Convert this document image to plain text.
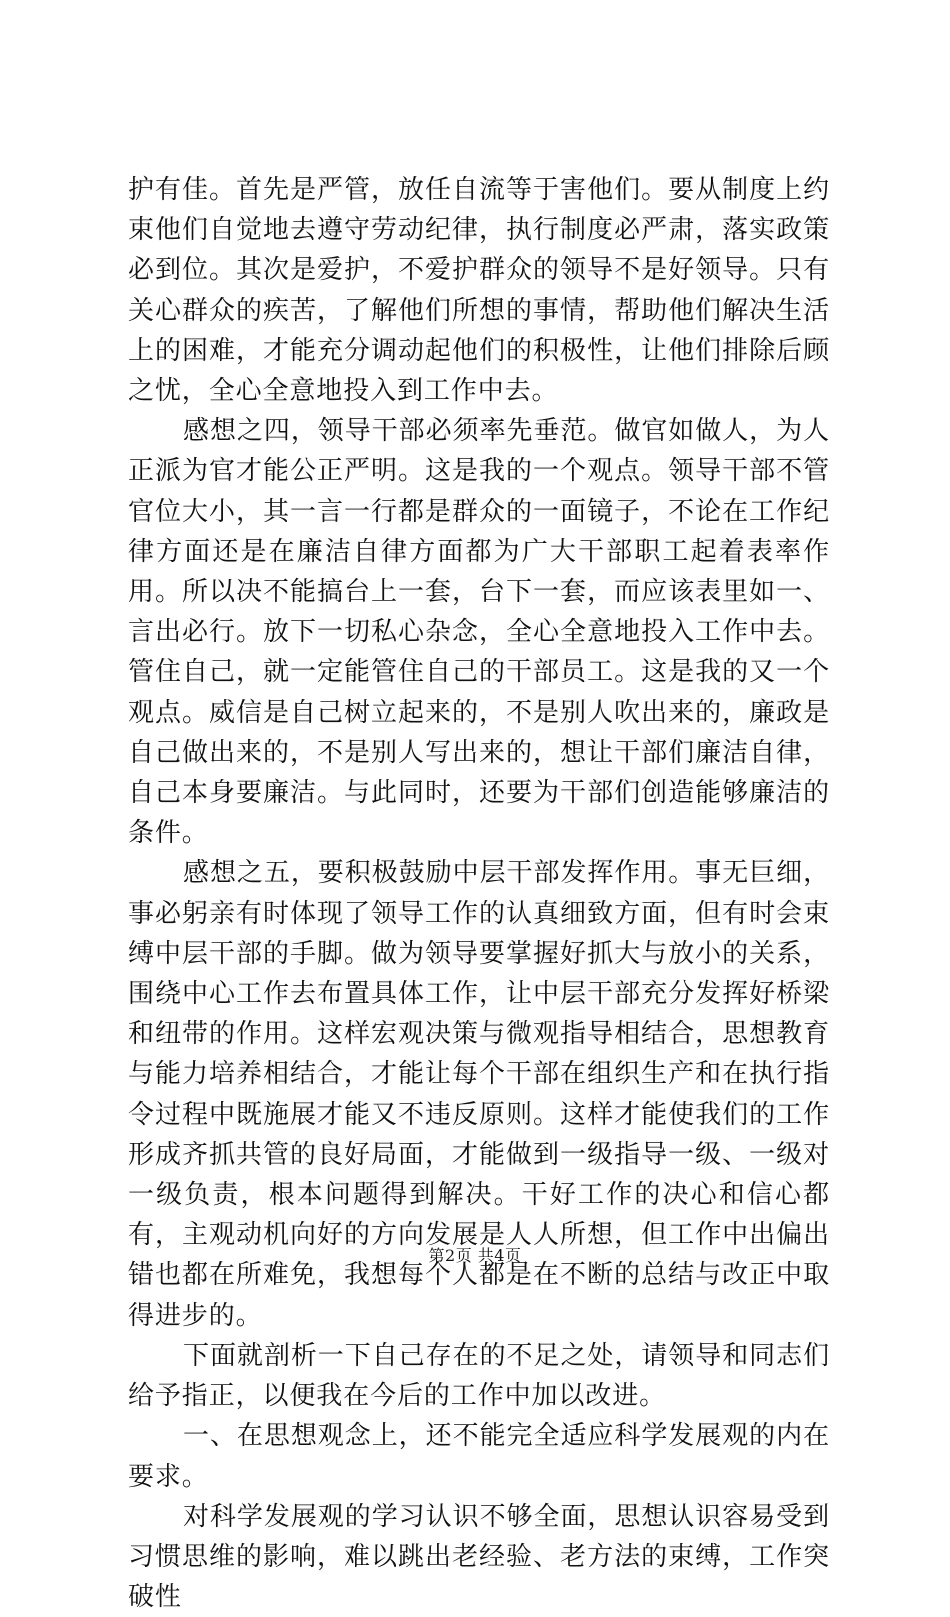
护有佳。首先是严管，放任自流等于害他们。要从制度上约束他们自觉地去遵守劳动纪律，执行制度必严肃，落实政策必到位。其次是爱护，不爱护群众的领导不是好领导。只有关心群众的疾苦，了解他们所想的事情，帮助他们解决生活上的困难，才能充分调动起他们的积极性，让他们排除后顾之忧，全心全意地投入到工作中去。

感想之四，领导干部必须率先垂范。做官如做人，为人正派为官才能公正严明。这是我的一个观点。领导干部不管官位大小，其一言一行都是群众的一面镜子，不论在工作纪律方面还是在廉洁自律方面都为广大干部职工起着表率作用。所以决不能搞台上一套，台下一套，而应该表里如一、言出必行。放下一切私心杂念，全心全意地投入工作中去。管住自己，就一定能管住自己的干部员工。这是我的又一个观点。威信是自己树立起来的，不是别人吹出来的，廉政是自己做出来的，不是别人写出来的，想让干部们廉洁自律，自己本身要廉洁。与此同时，还要为干部们创造能够廉洁的条件。

感想之五，要积极鼓励中层干部发挥作用。事无巨细，事必躬亲有时体现了领导工作的认真细致方面，但有时会束缚中层干部的手脚。做为领导要掌握好抓大与放小的关系，围绕中心工作去布置具体工作，让中层干部充分发挥好桥梁和纽带的作用。这样宏观决策与微观指导相结合，思想教育与能力培养相结合，才能让每个干部在组织生产和在执行指令过程中既施展才能又不违反原则。这样才能使我们的工作形成齐抓共管的良好局面，才能做到一级指导一级、一级对一级负责，根本问题得到解决。干好工作的决心和信心都有，主观动机向好的方向发展是人人所想，但工作中出偏出错也都在所难免，我想每个人都是在不断的总结与改正中取得进步的。

下面就剖析一下自己存在的不足之处，请领导和同志们给予指正，以便我在今后的工作中加以改进。

一、在思想观念上，还不能完全适应科学发展观的内在要求。

对科学发展观的学习认识不够全面，思想认识容易受到习惯思维的影响，难以跳出老经验、老方法的束缚，工作突破性

第2页 共4页
